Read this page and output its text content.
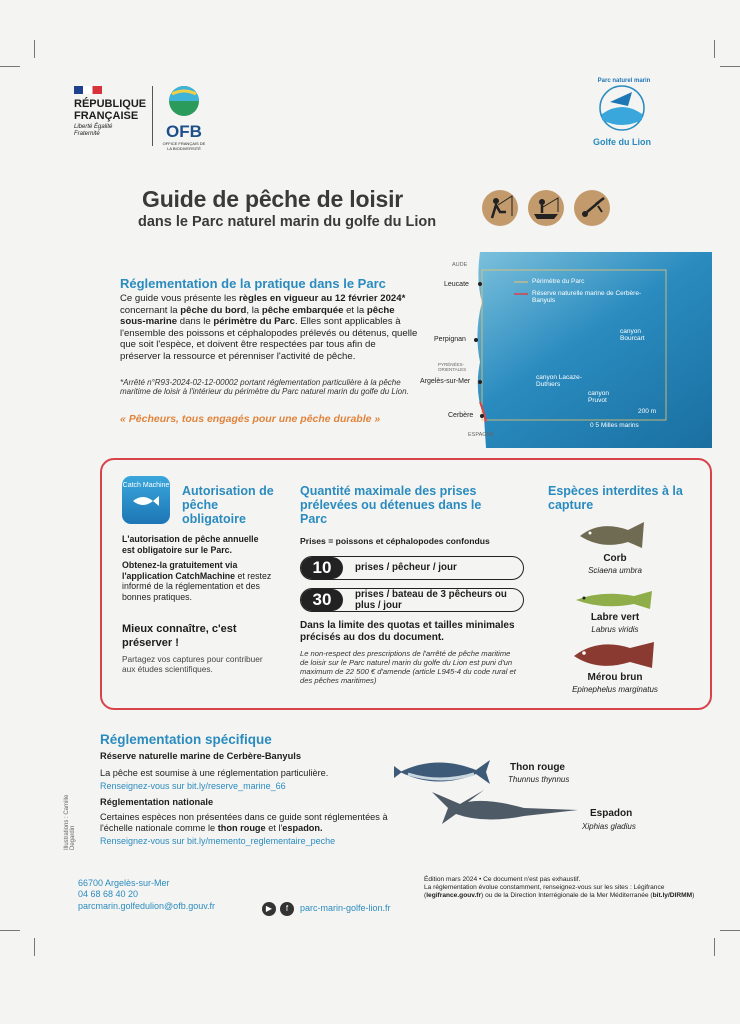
RÉPUBLIQUE FRANÇAISE
Liberté Égalité Fraternité	OFB
OFFICE FRANÇAIS DE LA BIODIVERSITÉ
Parc naturel marin
Golfe du Lion
Guide de pêche de loisir
dans le Parc naturel marin du golfe du Lion
Réglementation de la pratique dans le Parc
Ce guide vous présente les règles en vigueur au 12 février 2024* concernant la pêche du bord, la pêche embarquée et la pêche sous-marine dans le périmètre du Parc. Elles sont applicables à l'ensemble des poissons et céphalopodes prélevés ou détenus, quelle que soit l'espèce, et doivent être respectées par tous afin de préserver la ressource et pérenniser l'activité de pêche.
*Arrêté n°R93-2024-02-12-00002 portant réglementation particulière à la pêche maritime de loisir à l'intérieur du périmètre du Parc naturel marin du golfe du Lion.
« Pêcheurs, tous engagés pour une pêche durable »
AUDE
Leucate
Perpignan
PYRÉNÉES-ORIENTALES
Argelès-sur-Mer
Cerbère
ESPAGNE
Périmètre du Parc
Réserve naturelle marine de Cerbère-Banyuls
canyon Bourcart
canyon Lacaze-Duthiers
canyon Pruvot
200 m
0 5 Milles marins
Catch Machine Autorisation de pêche obligatoire
L'autorisation de pêche annuelle est obligatoire sur le Parc.
Obtenez-la gratuitement via l'application CatchMachine et restez informé de la réglementation et des bonnes pratiques.
Mieux connaître, c'est préserver !
Partagez vos captures pour contribuer aux études scientifiques.
Quantité maximale des prises prélevées ou détenues dans le Parc
Prises = poissons et céphalopodes confondus
10	prises / pêcheur / jour
30	prises / bateau de 3 pêcheurs ou plus / jour
Dans la limite des quotas et tailles minimales précisés au dos du document.
Le non-respect des prescriptions de l'arrêté de pêche maritime de loisir sur le Parc naturel marin du golfe du Lion est puni d'un maximum de 22 500 € d'amende (article L945-4 du code rural et des pêches maritimes)
Espèces interdites à la capture
Corb
Sciaena umbra
Labre vert
Labrus viridis
Mérou brun
Epinephelus marginatus
Réglementation spécifique
Réserve naturelle marine de Cerbère-Banyuls
La pêche est soumise à une réglementation particulière.
Renseignez-vous sur bit.ly/reserve_marine_66
Réglementation nationale
Certaines espèces non présentées dans ce guide sont réglementées à l'échelle nationale comme le thon rouge et l'espadon.
Renseignez-vous sur bit.ly/memento_reglementaire_peche
Illustrations : Camille Degardin
Thon rouge
Thunnus thynnus
Espadon
Xiphias gladius
66700 Argelès-sur-Mer
04 68 68 40 20
parcmarin.golfedulion@ofb.gouv.fr	▶	f	parc-marin-golfe-lion.fr
Édition mars 2024 • Ce document n'est pas exhaustif.
La réglementation évolue constamment, renseignez-vous sur les sites : Légifrance (legifrance.gouv.fr) ou de la Direction Interrégionale de la Mer Méditerranée (bit.ly/DIRMM)
